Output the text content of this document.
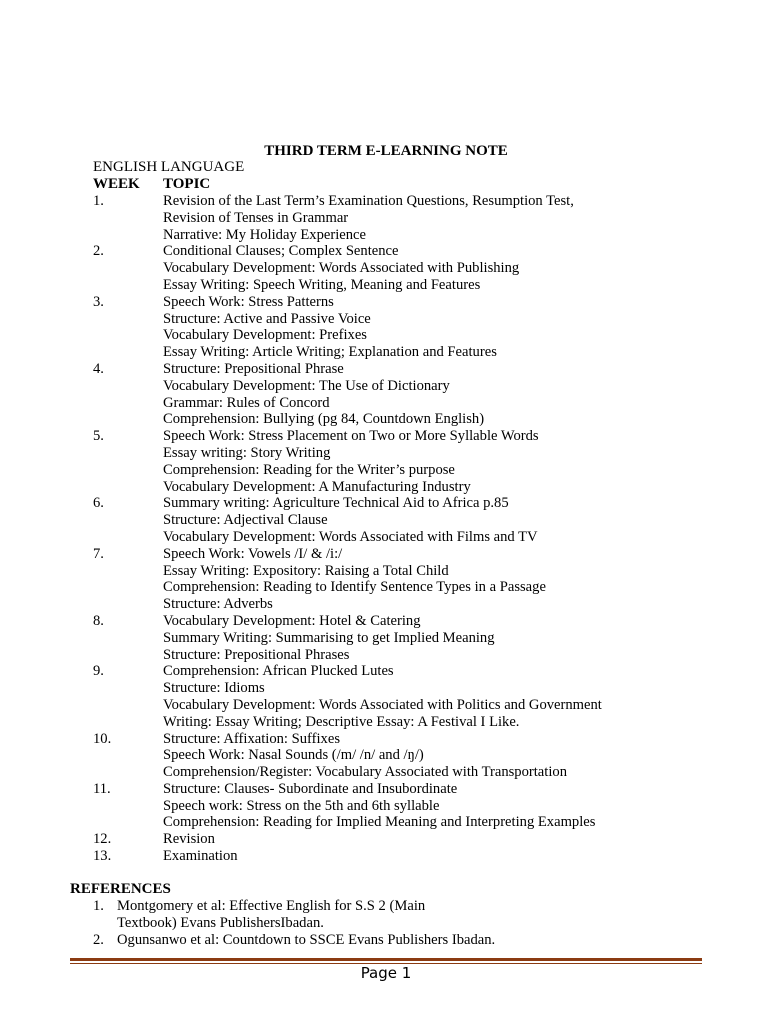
THIRD TERM E-LEARNING NOTE
ENGLISH LANGUAGE
WEEK TOPIC
1.	Revision of the Last Term’s Examination Questions, Resumption Test,
Revision of Tenses in Grammar
Narrative: My Holiday Experience
2.	Conditional Clauses; Complex Sentence
Vocabulary Development: Words Associated with Publishing
Essay Writing: Speech Writing, Meaning and Features
3.	Speech Work: Stress Patterns
Structure: Active and Passive Voice
Vocabulary Development: Prefixes
Essay Writing: Article Writing; Explanation and Features
4.	Structure: Prepositional Phrase
Vocabulary Development: The Use of Dictionary
Grammar: Rules of Concord
Comprehension: Bullying (pg 84, Countdown English)
5.	Speech Work: Stress Placement on Two or More Syllable Words
Essay writing: Story Writing
Comprehension: Reading for the Writer’s purpose
Vocabulary Development: A Manufacturing Industry
6.	Summary writing: Agriculture Technical Aid to Africa p.85
Structure: Adjectival Clause
Vocabulary Development: Words Associated with Films and TV
7.	Speech Work: Vowels /I/ & /i:/
Essay Writing: Expository: Raising a Total Child
Comprehension: Reading to Identify Sentence Types in a Passage
Structure: Adverbs
8.	Vocabulary Development: Hotel & Catering
Summary Writing: Summarising to get Implied Meaning
Structure: Prepositional Phrases
9.	Comprehension: African Plucked Lutes
Structure: Idioms
Vocabulary Development: Words Associated with Politics and Government
Writing: Essay Writing; Descriptive Essay: A Festival I Like.
10.	Structure: Affixation: Suffixes
Speech Work: Nasal Sounds (/m/ /n/ and /ŋ/)
Comprehension/Register: Vocabulary Associated with Transportation
11.	Structure: Clauses- Subordinate and Insubordinate
Speech work: Stress on the 5th and 6th syllable
Comprehension: Reading for Implied Meaning and Interpreting Examples
12.	Revision
13.	Examination
REFERENCES
1. Montgomery et al: Effective English for S.S 2 (Main
Textbook) Evans PublishersIbadan.
2. Ogunsanwo et al: Countdown to SSCE Evans Publishers Ibadan.
Page 1
